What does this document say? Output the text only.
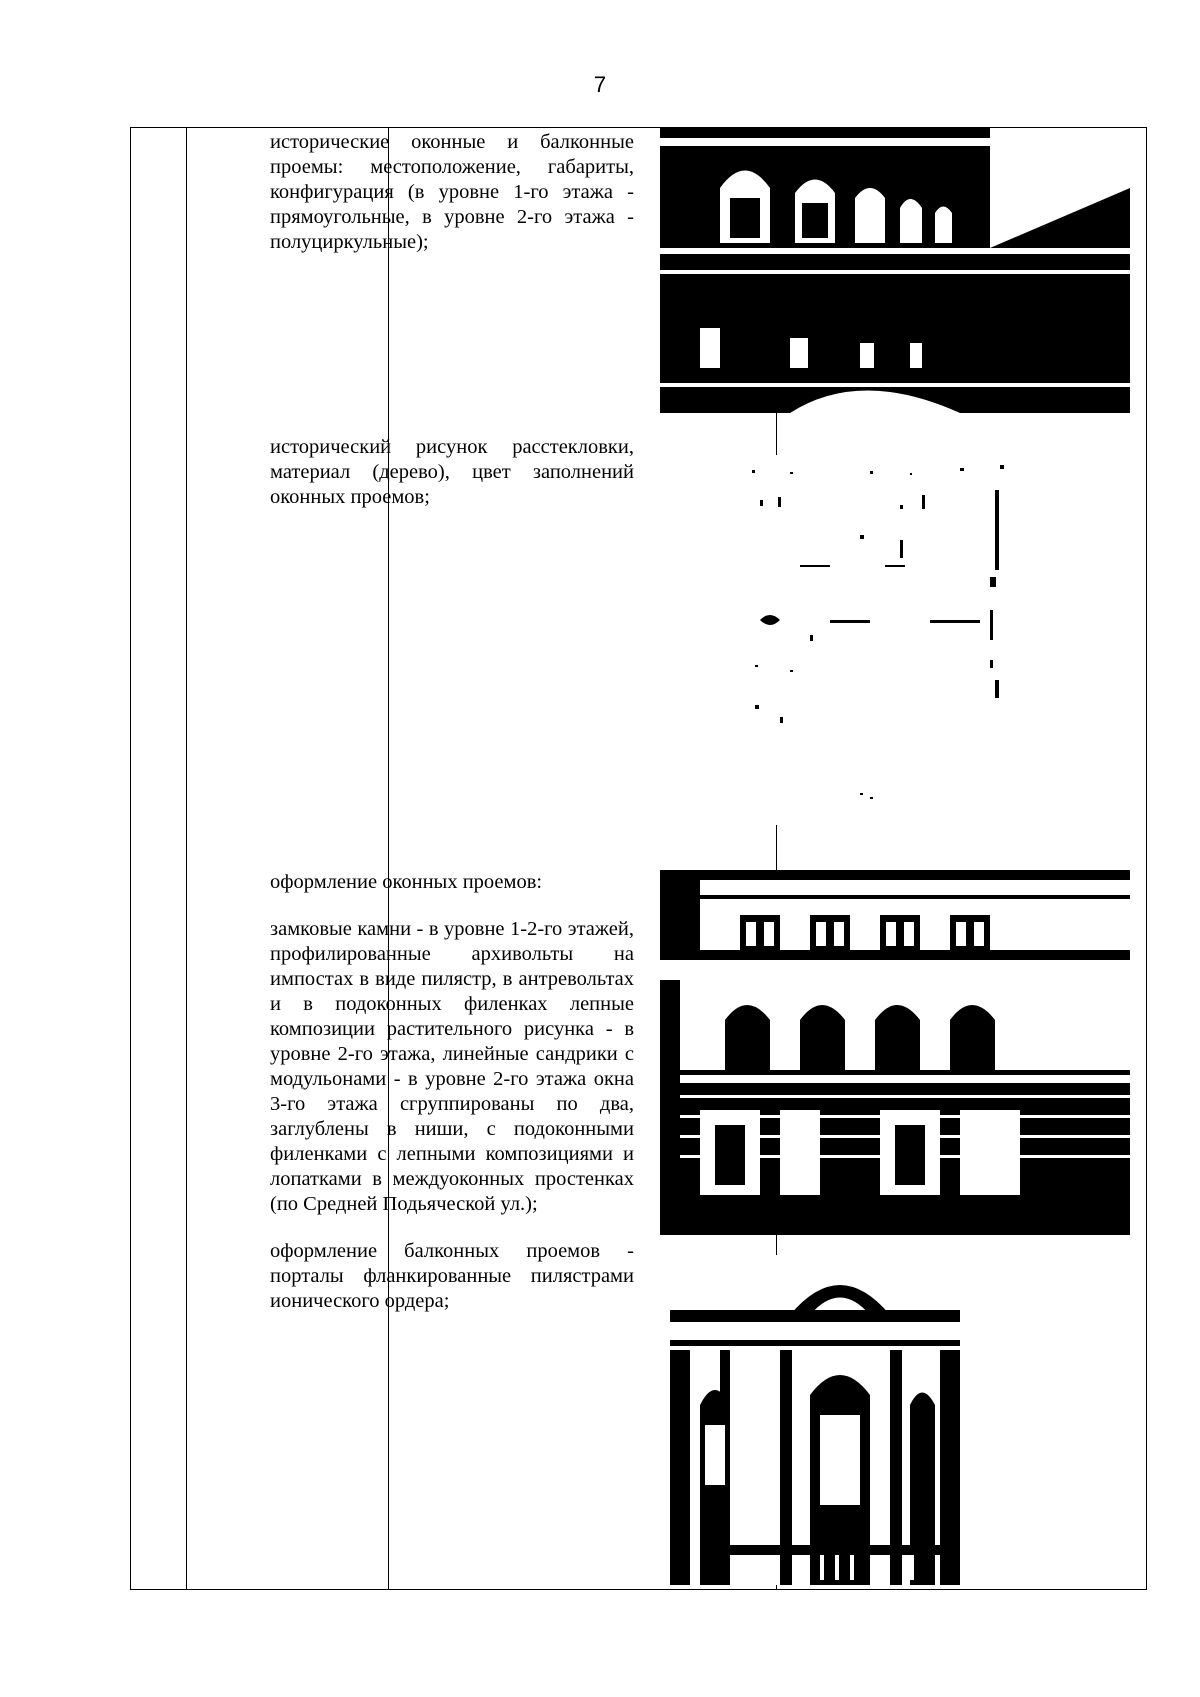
7

исторические оконные и балконные проемы: местоположение, габариты, конфигурация (в уровне 1-го этажа - прямоугольные, в уровне 2-го этажа - полуциркульные);

исторический рисунок расстекловки, материал (дерево), цвет заполнений оконных проемов;

оформление оконных проемов:

замковые камни - в уровне 1-2-го этажей, профилированные архивольты на импостах в виде пилястр, в антревольтах и в подоконных филенках лепные композиции растительного рисунка - в уровне 2-го этажа, линейные сандрики с модульонами - в уровне 2-го этажа окна 3-го этажа сгруппированы по два, заглублены в ниши, с подоконными филенками с лепными композициями и лопатками в междуоконных простенках (по Средней Подьяческой ул.);

оформление балконных проемов - порталы фланкированные пилястрами ионического ордера;
